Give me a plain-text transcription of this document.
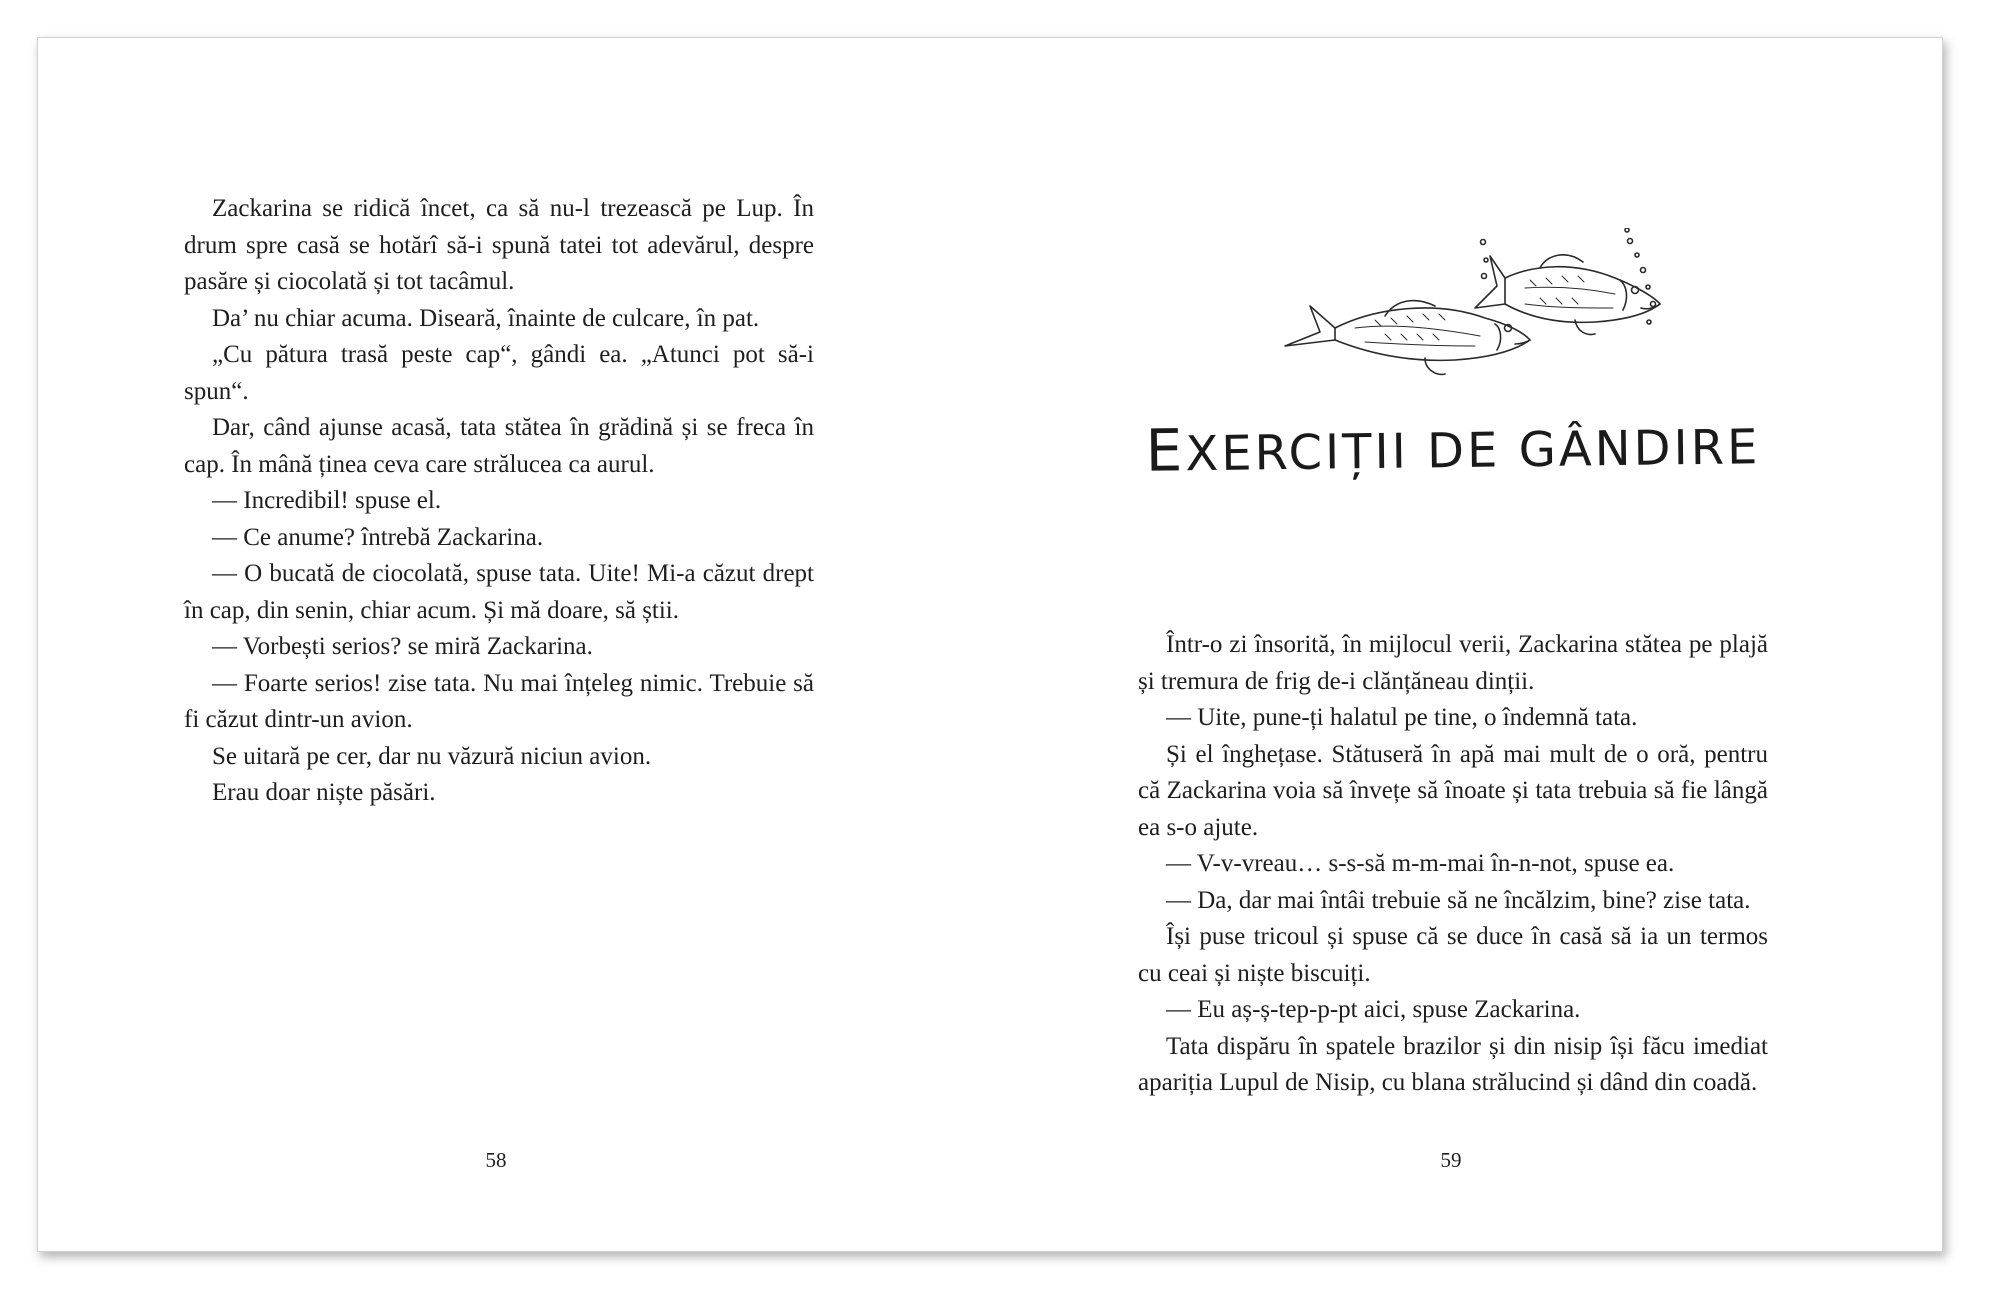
Zackarina se ridică încet, ca să nu-l trezească pe Lup. În drum spre casă se hotărî să-i spună tatei tot adevărul, despre pasăre și ciocolată și tot tacâmul.

Da’ nu chiar acuma. Diseară, înainte de culcare, în pat.

„Cu pătura trasă peste cap“, gândi ea. „Atunci pot să-i spun“.

Dar, când ajunse acasă, tata stătea în grădină și se freca în cap. În mână ținea ceva care strălucea ca aurul.

— Incredibil! spuse el.

— Ce anume? întrebă Zackarina.

— O bucată de ciocolată, spuse tata. Uite! Mi-a căzut drept în cap, din senin, chiar acum. Și mă doare, să știi.

— Vorbești serios? se miră Zackarina.

— Foarte serios! zise tata. Nu mai înțeleg nimic. Trebuie să fi căzut dintr-un avion.

Se uitară pe cer, dar nu văzură niciun avion.

Erau doar niște păsări.

58
EXERCIȚII DE GÂNDIRE

Într-o zi însorită, în mijlocul verii, Zackarina stătea pe plajă și tremura de frig de-i clănțăneau dinții.

— Uite, pune-ți halatul pe tine, o îndemnă tata.

Și el înghețase. Stătuseră în apă mai mult de o oră, pentru că Zackarina voia să învețe să înoate și tata trebuia să fie lângă ea s-o ajute.

— V-v-vreau… s-s-să m-m-mai în-n-not, spuse ea.

— Da, dar mai întâi trebuie să ne încălzim, bine? zise tata.

Își puse tricoul și spuse că se duce în casă să ia un termos cu ceai și niște biscuiți.

— Eu aș-ș-tep-p-pt aici, spuse Zackarina.

Tata dispăru în spatele brazilor și din nisip își făcu imediat apariția Lupul de Nisip, cu blana strălucind și dând din coadă.

59
